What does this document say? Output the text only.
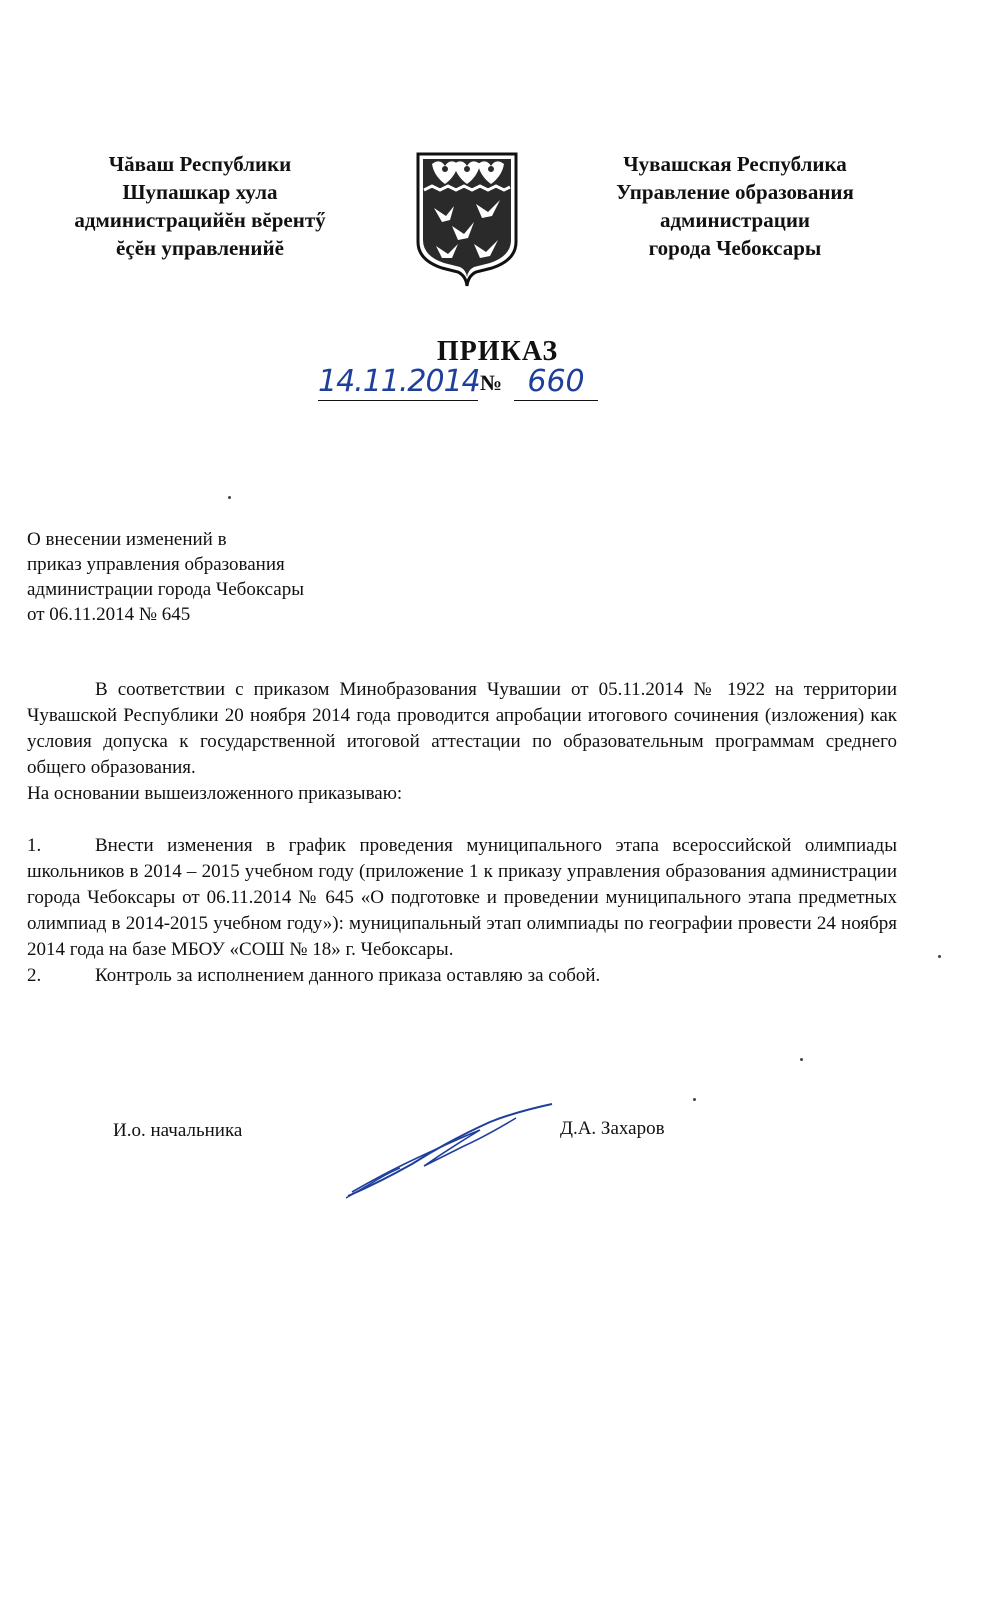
Чăваш Республики
Шупашкар хула
администрацийĕн вĕрентӳ
ĕçĕн управленийĕ
Чувашская Республика
Управление образования
администрации
города Чебоксары
ПРИКАЗ
14.11.2014 № 660
О внесении изменений в
приказ управления образования
администрации города Чебоксары
от 06.11.2014 № 645

В соответствии с приказом Минобразования Чувашии от 05.11.2014 № 1922 на территории Чувашской Республики 20 ноября 2014 года проводится апробации итогового сочинения (изложения) как условия допуска к государственной итоговой аттестации по образовательным программам среднего общего образования.

На основании вышеизложенного приказываю:

1.	Внести изменения в график проведения муниципального этапа всероссийской олимпиады школьников в 2014 – 2015 учебном году (приложение 1 к приказу управления образования администрации города Чебоксары от 06.11.2014 № 645 «О подготовке и проведении муниципального этапа предметных олимпиад в 2014-2015 учебном году»): муниципальный этап олимпиады по географии провести 24 ноября 2014 года на базе МБОУ «СОШ № 18» г. Чебоксары.

2.	Контроль за исполнением данного приказа оставляю за собой.

И.о. начальника	Д.А. Захаров
